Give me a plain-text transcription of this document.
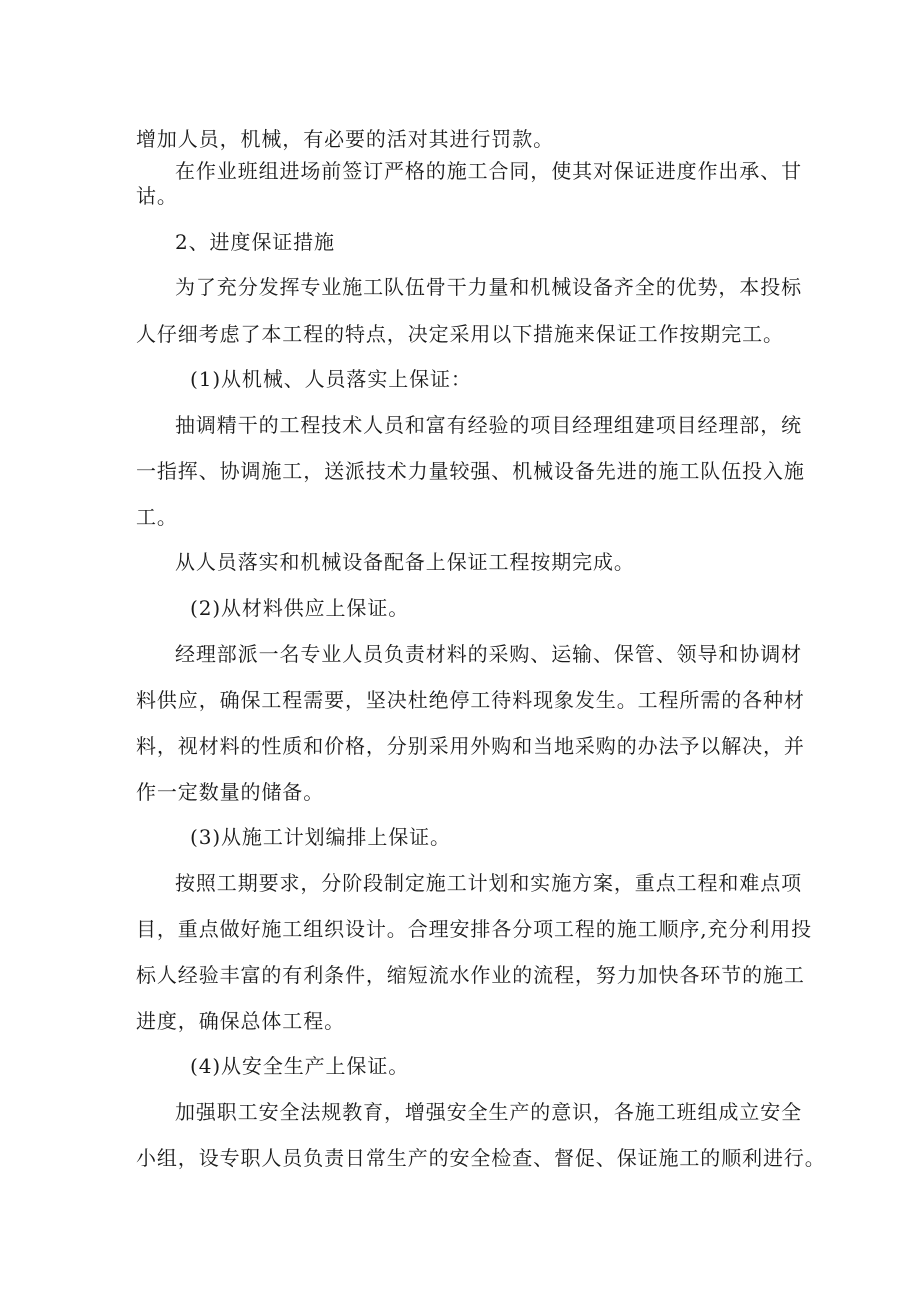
增加人员，机械，有必要的活对其进行罚款。
在作业班组进场前签订严格的施工合同，使其对保证进度作出承、甘
诂。
2、进度保证措施
为了充分发挥专业施工队伍骨干力量和机械设备齐全的优势，本投标
人仔细考虑了本工程的特点，决定采用以下措施来保证工作按期完工。
(1)从机械、人员落实上保证：
抽调精干的工程技术人员和富有经验的项目经理组建项目经理部，统
一指挥、协调施工，送派技术力量较强、机械设备先进的施工队伍投入施
工。
从人员落实和机械设备配备上保证工程按期完成。
(2)从材料供应上保证。
经理部派一名专业人员负责材料的采购、运输、保管、领导和协调材
料供应，确保工程需要，坚决杜绝停工待料现象发生。工程所需的各种材
料，视材料的性质和价格，分别采用外购和当地采购的办法予以解决，并
作一定数量的储备。
(3)从施工计划编排上保证。
按照工期要求，分阶段制定施工计划和实施方案，重点工程和难点项
目，重点做好施工组织设计。合理安排各分项工程的施工顺序,充分利用投
标人经验丰富的有利条件，缩短流水作业的流程，努力加快各环节的施工
进度，确保总体工程。
(4)从安全生产上保证。
加强职工安全法规教育，增强安全生产的意识，各施工班组成立安全
小组，设专职人员负责日常生产的安全检查、督促、保证施工的顺利进行。
